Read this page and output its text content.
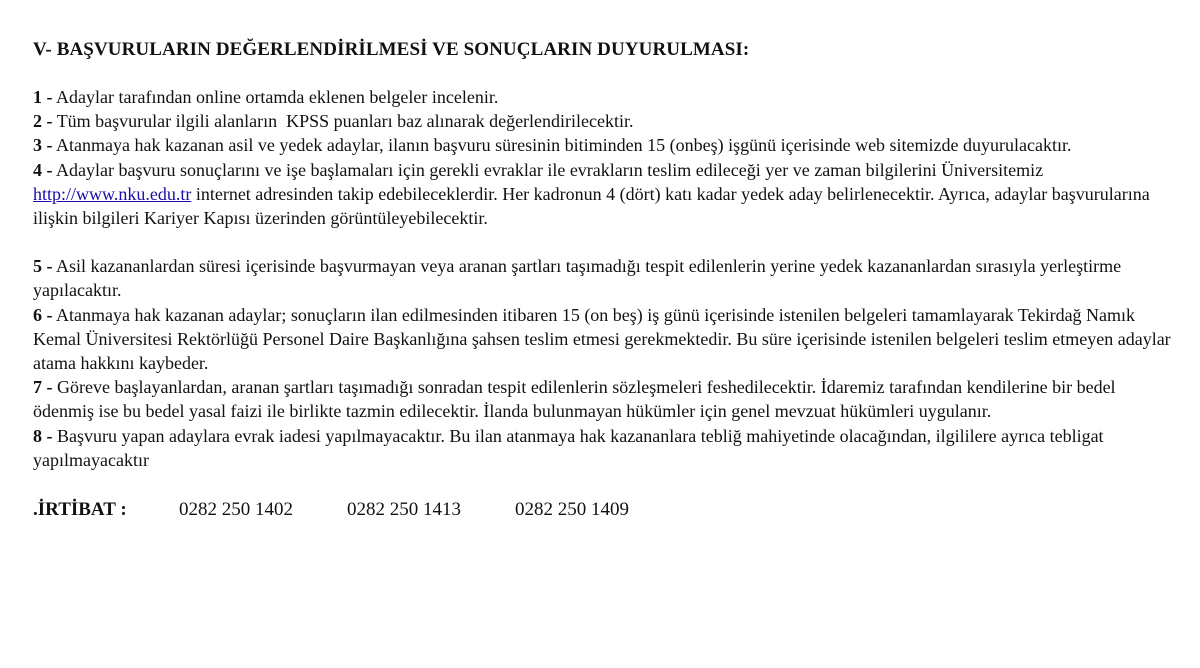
V- BAŞVURULARIN DEĞERLENDİRİLMESİ VE SONUÇLARIN DUYURULMASI:

1 - Adaylar tarafından online ortamda eklenen belgeler incelenir.

2 - Tüm başvurular ilgili alanların  KPSS puanları baz alınarak değerlendirilecektir.

3 - Atanmaya hak kazanan asil ve yedek adaylar, ilanın başvuru süresinin bitiminden 15 (onbeş) işgünü içerisinde web sitemizde duyurulacaktır.

4 - Adaylar başvuru sonuçlarını ve işe başlamaları için gerekli evraklar ile evrakların teslim edileceği yer ve zaman bilgilerini Üniversitemiz http://www.nku.edu.tr internet adresinden takip edebileceklerdir. Her kadronun 4 (dört) katı kadar yedek aday belirlenecektir. Ayrıca, adaylar başvurularına ilişkin bilgileri Kariyer Kapısı üzerinden görüntüleyebilecektir.

5 - Asil kazananlardan süresi içerisinde başvurmayan veya aranan şartları taşımadığı tespit edilenlerin yerine yedek kazananlardan sırasıyla yerleştirme yapılacaktır.

6 - Atanmaya hak kazanan adaylar; sonuçların ilan edilmesinden itibaren 15 (on beş) iş günü içerisinde istenilen belgeleri tamamlayarak Tekirdağ Namık Kemal Üniversitesi Rektörlüğü Personel Daire Başkanlığına şahsen teslim etmesi gerekmektedir. Bu süre içerisinde istenilen belgeleri teslim etmeyen adaylar atama hakkını kaybeder.

7 - Göreve başlayanlardan, aranan şartları taşımadığı sonradan tespit edilenlerin sözleşmeleri feshedilecektir. İdaremiz tarafından kendilerine bir bedel ödenmiş ise bu bedel yasal faizi ile birlikte tazmin edilecektir. İlanda bulunmayan hükümler için genel mevzuat hükümleri uygulanır.

8 - Başvuru yapan adaylara evrak iadesi yapılmayacaktır. Bu ilan atanmaya hak kazananlara tebliğ mahiyetinde olacağından, ilgililere ayrıca tebligat yapılmayacaktır

.İRTİBAT :	0282 250 1402	0282 250 1413	0282 250 1409
